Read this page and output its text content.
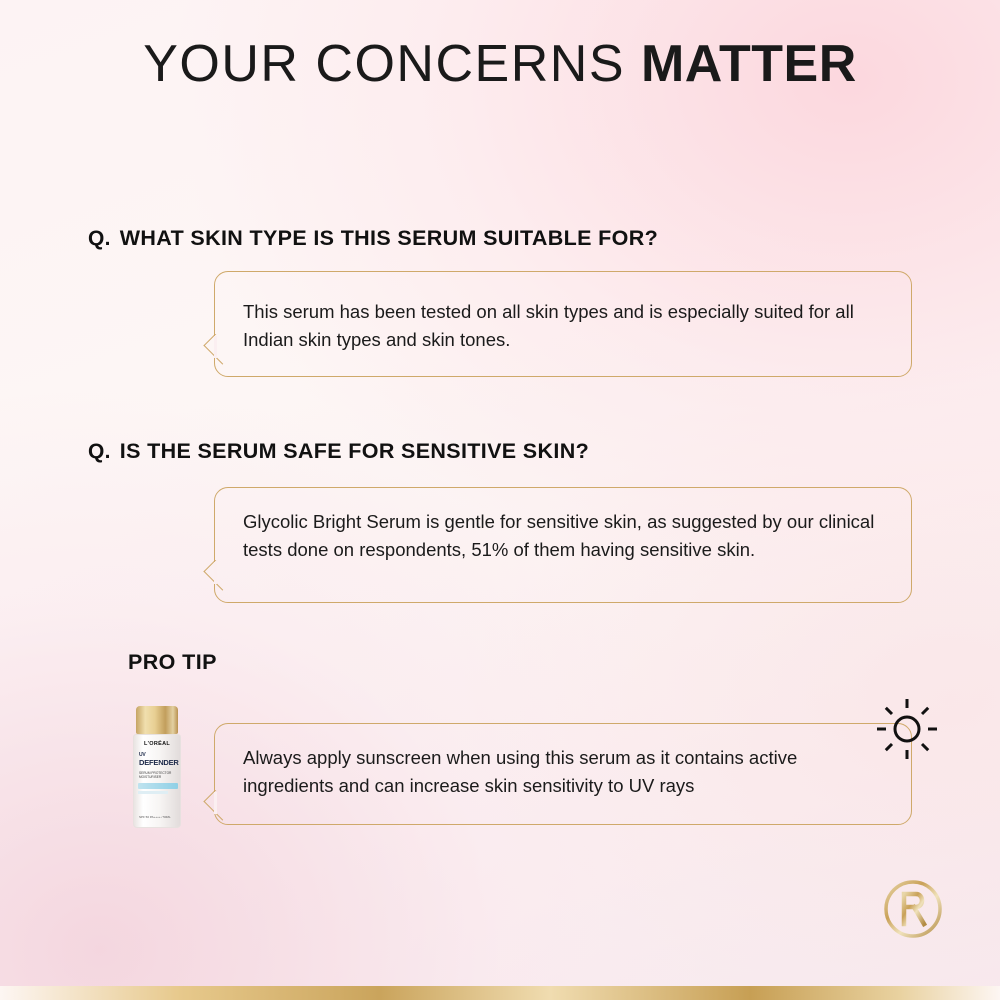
YOUR CONCERNS MATTER
Q. WHAT SKIN TYPE IS THIS SERUM SUITABLE FOR?
This serum has been tested on all skin types and is especially suited for all Indian skin types and skin tones.
Q. IS THE SERUM SAFE FOR SENSITIVE SKIN?
Glycolic Bright Serum is gentle for sensitive skin, as suggested by our clinical tests done on respondents, 51% of them having sensitive skin.
PRO TIP
Always apply sunscreen when using this serum as it contains active ingredients and can increase skin sensitivity to UV rays
L'ORÉAL
UV
DEFENDER
SERUM PROTECTOR MOISTURISER
SPF 50 PA++++ / 50ML
